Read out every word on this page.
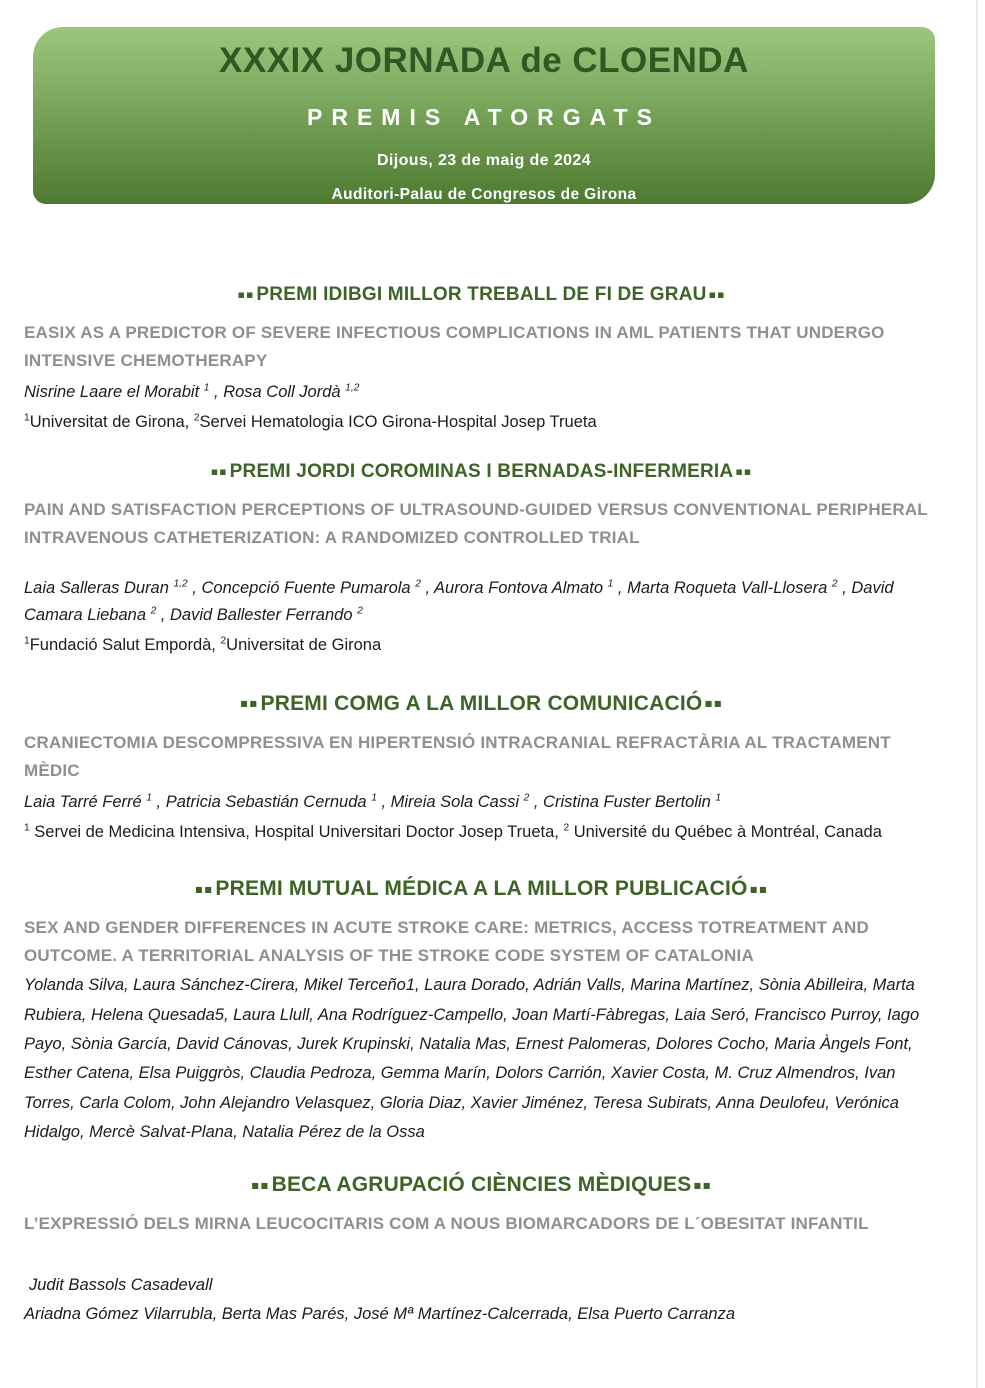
XXXIX JORNADA de CLOENDA
PREMIS ATORGATS
Dijous, 23 de maig de 2024
Auditori-Palau de Congresos de Girona
▪▪ PREMI IDIBGI MILLOR TREBALL DE FI DE GRAU ▪▪
EASIX AS A PREDICTOR OF SEVERE INFECTIOUS COMPLICATIONS IN AML PATIENTS THAT UNDERGO INTENSIVE CHEMOTHERAPY
Nisrine Laare el Morabit $^1$ , Rosa Coll Jordà $^{1,2}$
$^1$Universitat de Girona, $^2$Servei Hematologia ICO Girona-Hospital Josep Trueta
▪▪ PREMI JORDI COROMINAS I BERNADAS-INFERMERIA ▪▪
PAIN AND SATISFACTION PERCEPTIONS OF ULTRASOUND-GUIDED VERSUS CONVENTIONAL PERIPHERAL INTRAVENOUS CATHETERIZATION: A RANDOMIZED CONTROLLED TRIAL
Laia Salleras Duran $^{1,2}$ , Concepció Fuente Pumarola $^2$ , Aurora Fontova Almato $^1$ , Marta Roqueta Vall-Llosera $^2$ , David Camara Liebana $^2$ , David Ballester Ferrando $^2$
$^1$Fundació Salut Empordà, $^2$Universitat de Girona
▪▪PREMI COMG A LA MILLOR COMUNICACIÓ ▪▪
CRANIECTOMIA DESCOMPRESSIVA EN HIPERTENSIÓ INTRACRANIAL REFRACTÀRIA AL TRACTAMENT MÈDIC
Laia Tarré Ferré $^1$ , Patricia Sebastián Cernuda $^1$ , Mireia Sola Cassi $^2$ , Cristina Fuster Bertolin $^1$
$^1$ Servei de Medicina Intensiva, Hospital Universitari Doctor Josep Trueta, $^2$ Université du Québec à Montréal, Canada
▪▪PREMI MUTUAL MÉDICA A LA MILLOR PUBLICACIÓ ▪▪
SEX AND GENDER DIFFERENCES IN ACUTE STROKE CARE: METRICS, ACCESS TOTREATMENT AND OUTCOME. A TERRITORIAL ANALYSIS OF THE STROKE CODE SYSTEM OF CATALONIA
Yolanda Silva, Laura Sánchez-Cirera, Mikel Terceño1, Laura Dorado, Adrián Valls, Marina Martínez, Sònia Abilleira, Marta Rubiera, Helena Quesada5, Laura Llull, Ana Rodríguez-Campello, Joan Martí-Fàbregas, Laia Seró, Francisco Purroy, Iago Payo, Sònia García, David Cánovas, Jurek Krupinski, Natalia Mas, Ernest Palomeras, Dolores Cocho, Maria Àngels Font, Esther Catena, Elsa Puiggròs, Claudia Pedroza, Gemma Marín, Dolors Carrión, Xavier Costa, M. Cruz Almendros, Ivan Torres, Carla Colom, John Alejandro Velasquez, Gloria Diaz, Xavier Jiménez, Teresa Subirats, Anna Deulofeu, Verónica Hidalgo, Mercè Salvat-Plana, Natalia Pérez de la Ossa
▪▪BECA AGRUPACIÓ CIÈNCIES MÈDIQUES ▪▪
L’EXPRESSIÓ DELS MIRNA LEUCOCITARIS COM A NOUS BIOMARCADORS DE L´OBESITAT INFANTIL
Judit Bassols Casadevall
Ariadna Gómez Vilarrubla, Berta Mas Parés, José Mª Martínez-Calcerrada, Elsa Puerto Carranza
